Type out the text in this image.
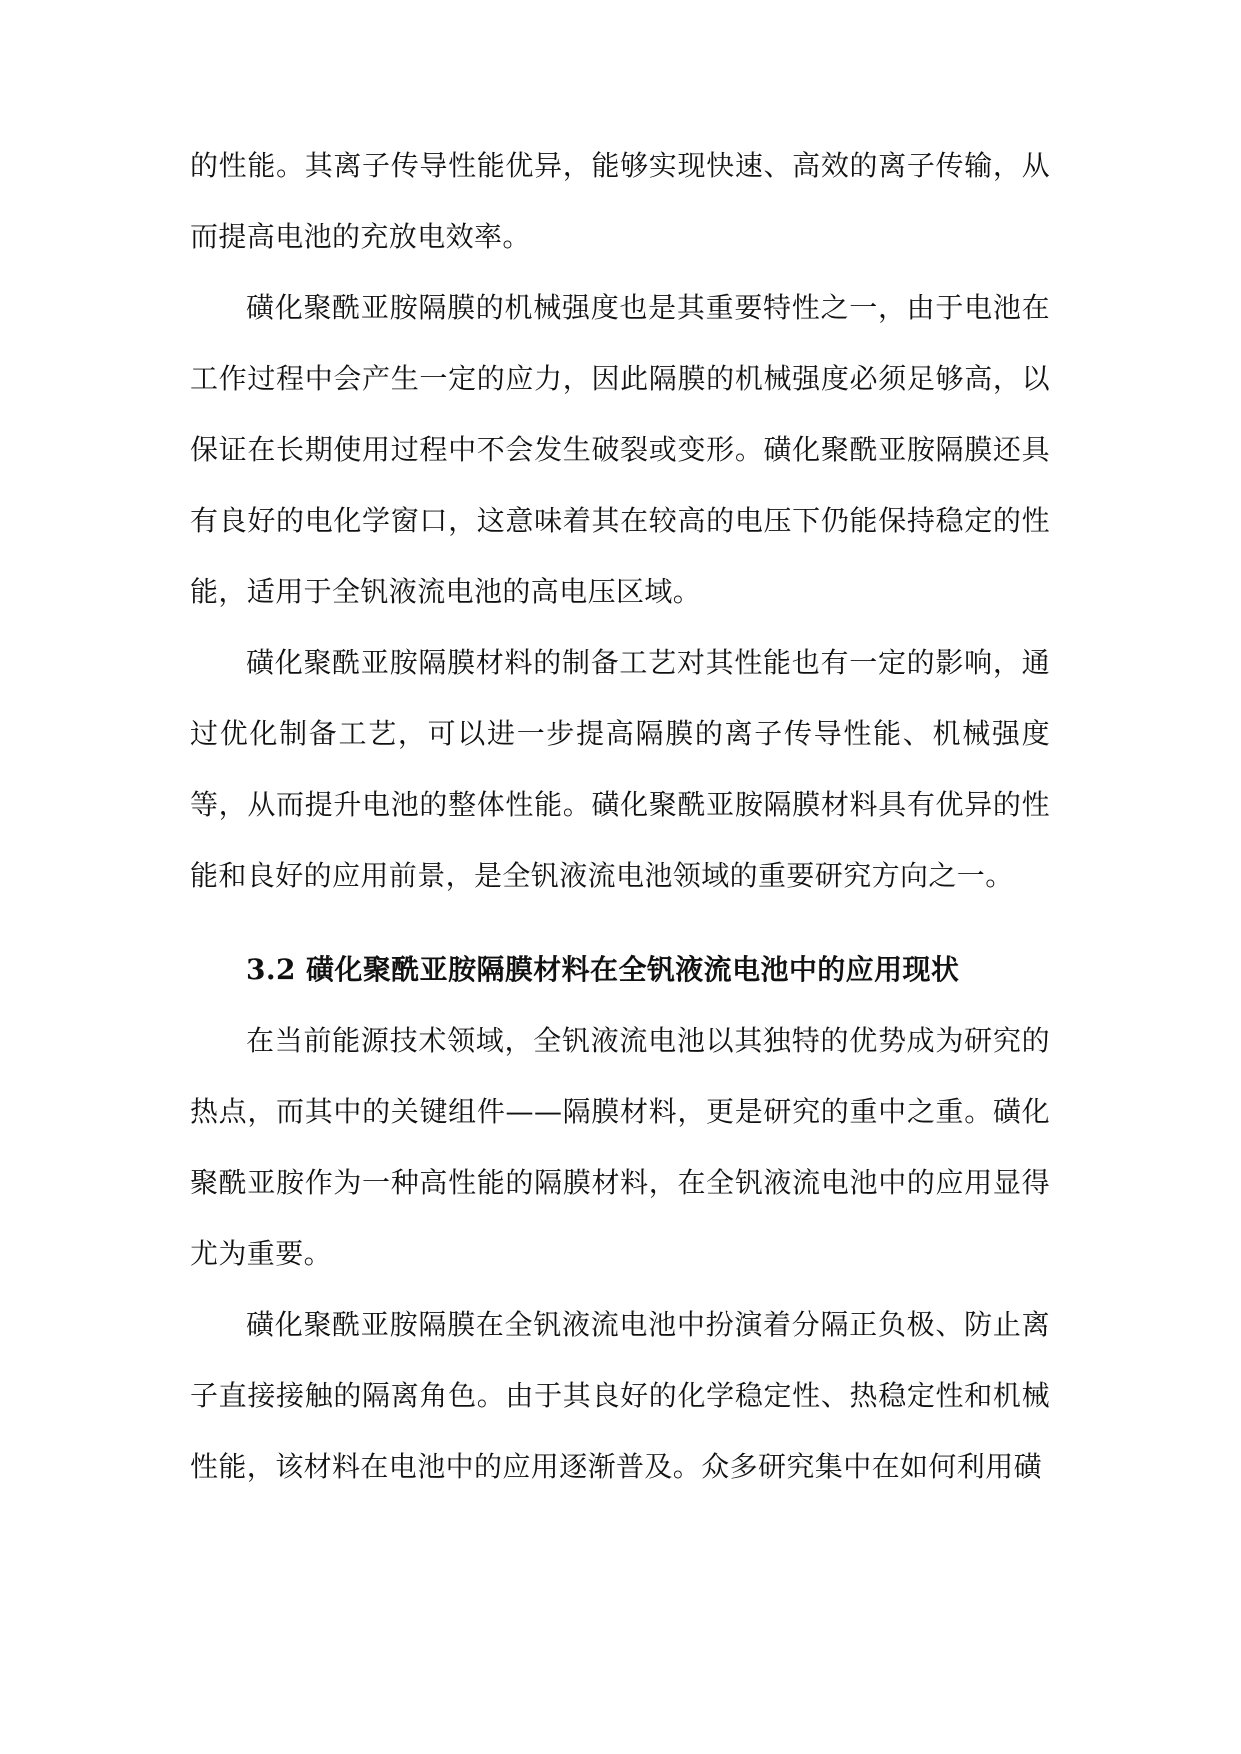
的性能。其离子传导性能优异，能够实现快速、高效的离子传输，从而提高电池的充放电效率。

磺化聚酰亚胺隔膜的机械强度也是其重要特性之一，由于电池在工作过程中会产生一定的应力，因此隔膜的机械强度必须足够高，以保证在长期使用过程中不会发生破裂或变形。磺化聚酰亚胺隔膜还具有良好的电化学窗口，这意味着其在较高的电压下仍能保持稳定的性能，适用于全钒液流电池的高电压区域。

磺化聚酰亚胺隔膜材料的制备工艺对其性能也有一定的影响，通过优化制备工艺，可以进一步提高隔膜的离子传导性能、机械强度等，从而提升电池的整体性能。磺化聚酰亚胺隔膜材料具有优异的性能和良好的应用前景，是全钒液流电池领域的重要研究方向之一。

3.2 磺化聚酰亚胺隔膜材料在全钒液流电池中的应用现状

在当前能源技术领域，全钒液流电池以其独特的优势成为研究的热点，而其中的关键组件——隔膜材料，更是研究的重中之重。磺化聚酰亚胺作为一种高性能的隔膜材料，在全钒液流电池中的应用显得尤为重要。

磺化聚酰亚胺隔膜在全钒液流电池中扮演着分隔正负极、防止离子直接接触的隔离角色。由于其良好的化学稳定性、热稳定性和机械性能，该材料在电池中的应用逐渐普及。众多研究集中在如何利用磺
